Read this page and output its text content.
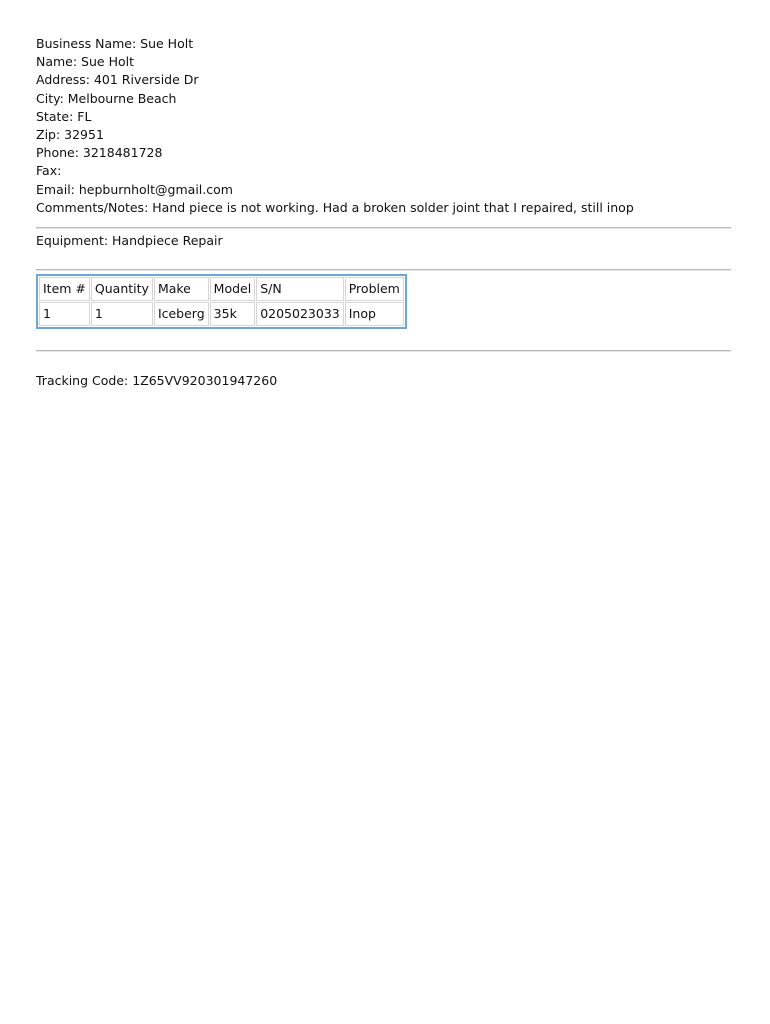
Business Name: Sue Holt
Name: Sue Holt
Address: 401 Riverside Dr
City: Melbourne Beach
State: FL
Zip: 32951
Phone: 3218481728
Fax:
Email: hepburnholt@gmail.com
Comments/Notes: Hand piece is not working. Had a broken solder joint that I repaired, still inop
Equipment: Handpiece Repair
Item #	Quantity	Make	Model	S/N	Problem
1	1	Iceberg	35k	0205023033	Inop
Tracking Code: 1Z65VV920301947260
